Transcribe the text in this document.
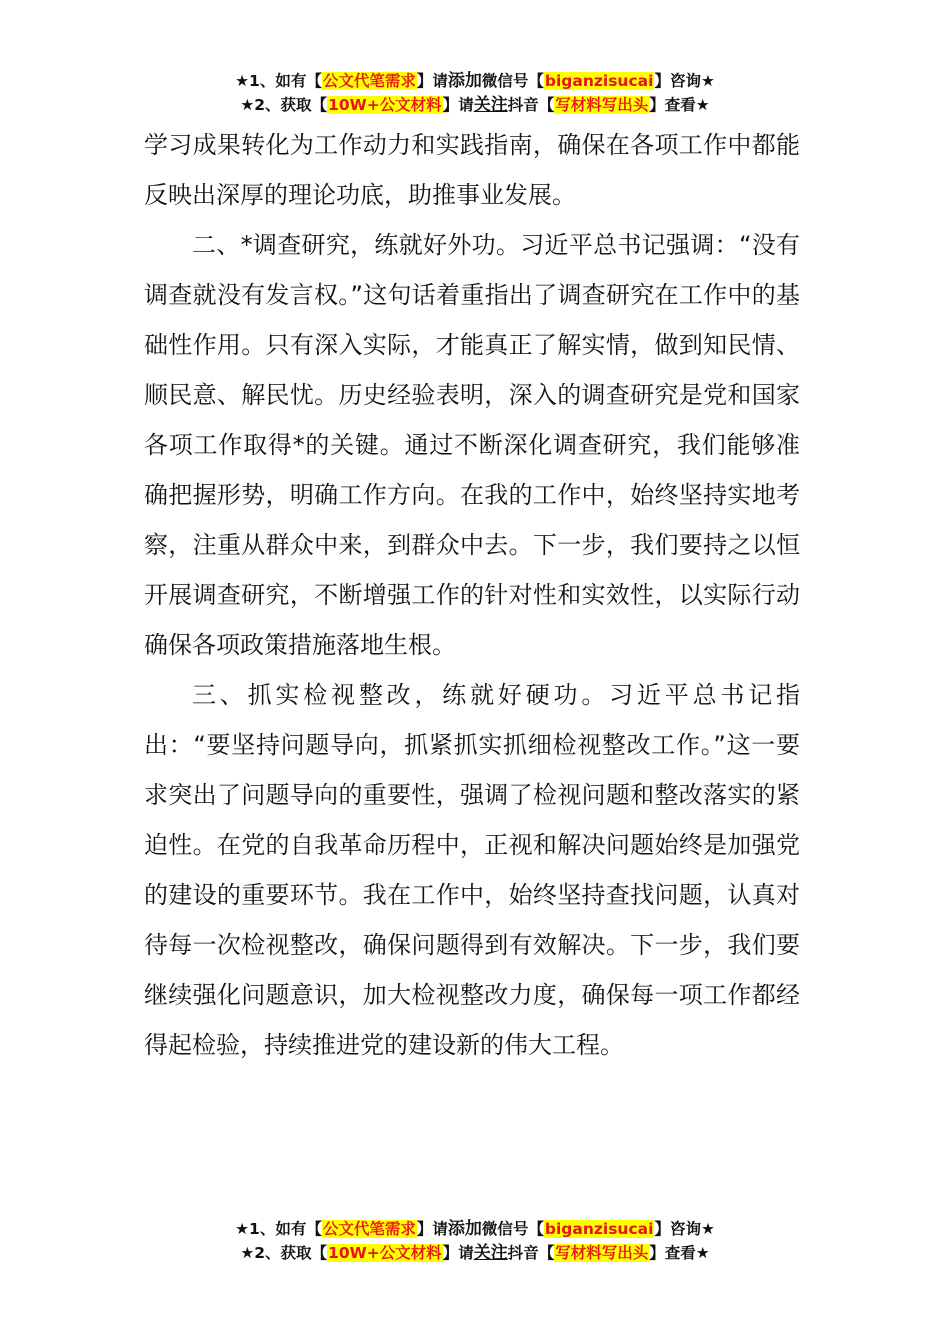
★1、如有【公文代笔需求】请添加微信号【biganzisucai】咨询★
★2、获取【10W+公文材料】请关注抖音【写材料写出头】查看★

学习成果转化为工作动力和实践指南，确保在各项工作中都能反映出深厚的理论功底，助推事业发展。

二、*调查研究，练就好外功。习近平总书记强调：“没有调查就没有发言权。”这句话着重指出了调查研究在工作中的基础性作用。只有深入实际，才能真正了解实情，做到知民情、顺民意、解民忧。历史经验表明，深入的调查研究是党和国家各项工作取得*的关键。通过不断深化调查研究，我们能够准确把握形势，明确工作方向。在我的工作中，始终坚持实地考察，注重从群众中来，到群众中去。下一步，我们要持之以恒开展调查研究，不断增强工作的针对性和实效性，以实际行动确保各项政策措施落地生根。

三、抓实检视整改，练就好硬功。习近平总书记指出：“要坚持问题导向，抓紧抓实抓细检视整改工作。”这一要求突出了问题导向的重要性，强调了检视问题和整改落实的紧迫性。在党的自我革命历程中，正视和解决问题始终是加强党的建设的重要环节。我在工作中，始终坚持查找问题，认真对待每一次检视整改，确保问题得到有效解决。下一步，我们要继续强化问题意识，加大检视整改力度，确保每一项工作都经得起检验，持续推进党的建设新的伟大工程。

★1、如有【公文代笔需求】请添加微信号【biganzisucai】咨询★
★2、获取【10W+公文材料】请关注抖音【写材料写出头】查看★
